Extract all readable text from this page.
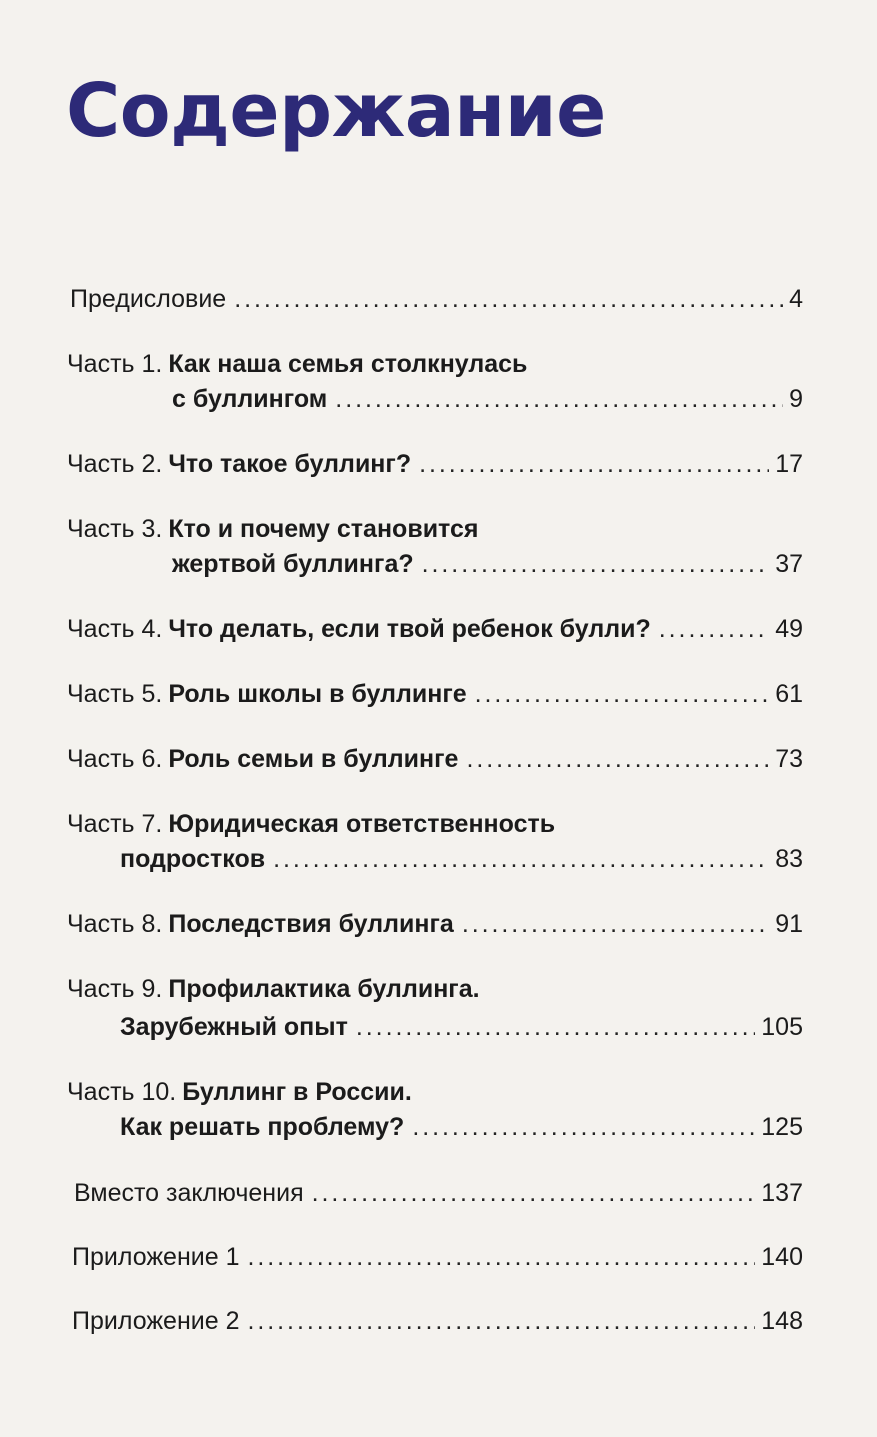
Содержание
Предисловие . . .	4
Часть 1. Как наша семья столкнулась
с буллингом . . .	9
Часть 2. Что такое буллинг? . . .	17
Часть 3. Кто и почему становится
жертвой буллинга? . . .	37
Часть 4. Что делать, если твой ребенок булли? . . .	49
Часть 5. Роль школы в буллинге . . .	61
Часть 6. Роль семьи в буллинге . . .	73
Часть 7. Юридическая ответственность
подростков . . .	83
Часть 8. Последствия буллинга . . .	91
Часть 9. Профилактика буллинга.
Зарубежный опыт . . .	105
Часть 10. Буллинг в России.
Как решать проблему? . . .	125
Вместо заключения . . .	137
Приложение 1 . . .	140
Приложение 2 . . .	148
